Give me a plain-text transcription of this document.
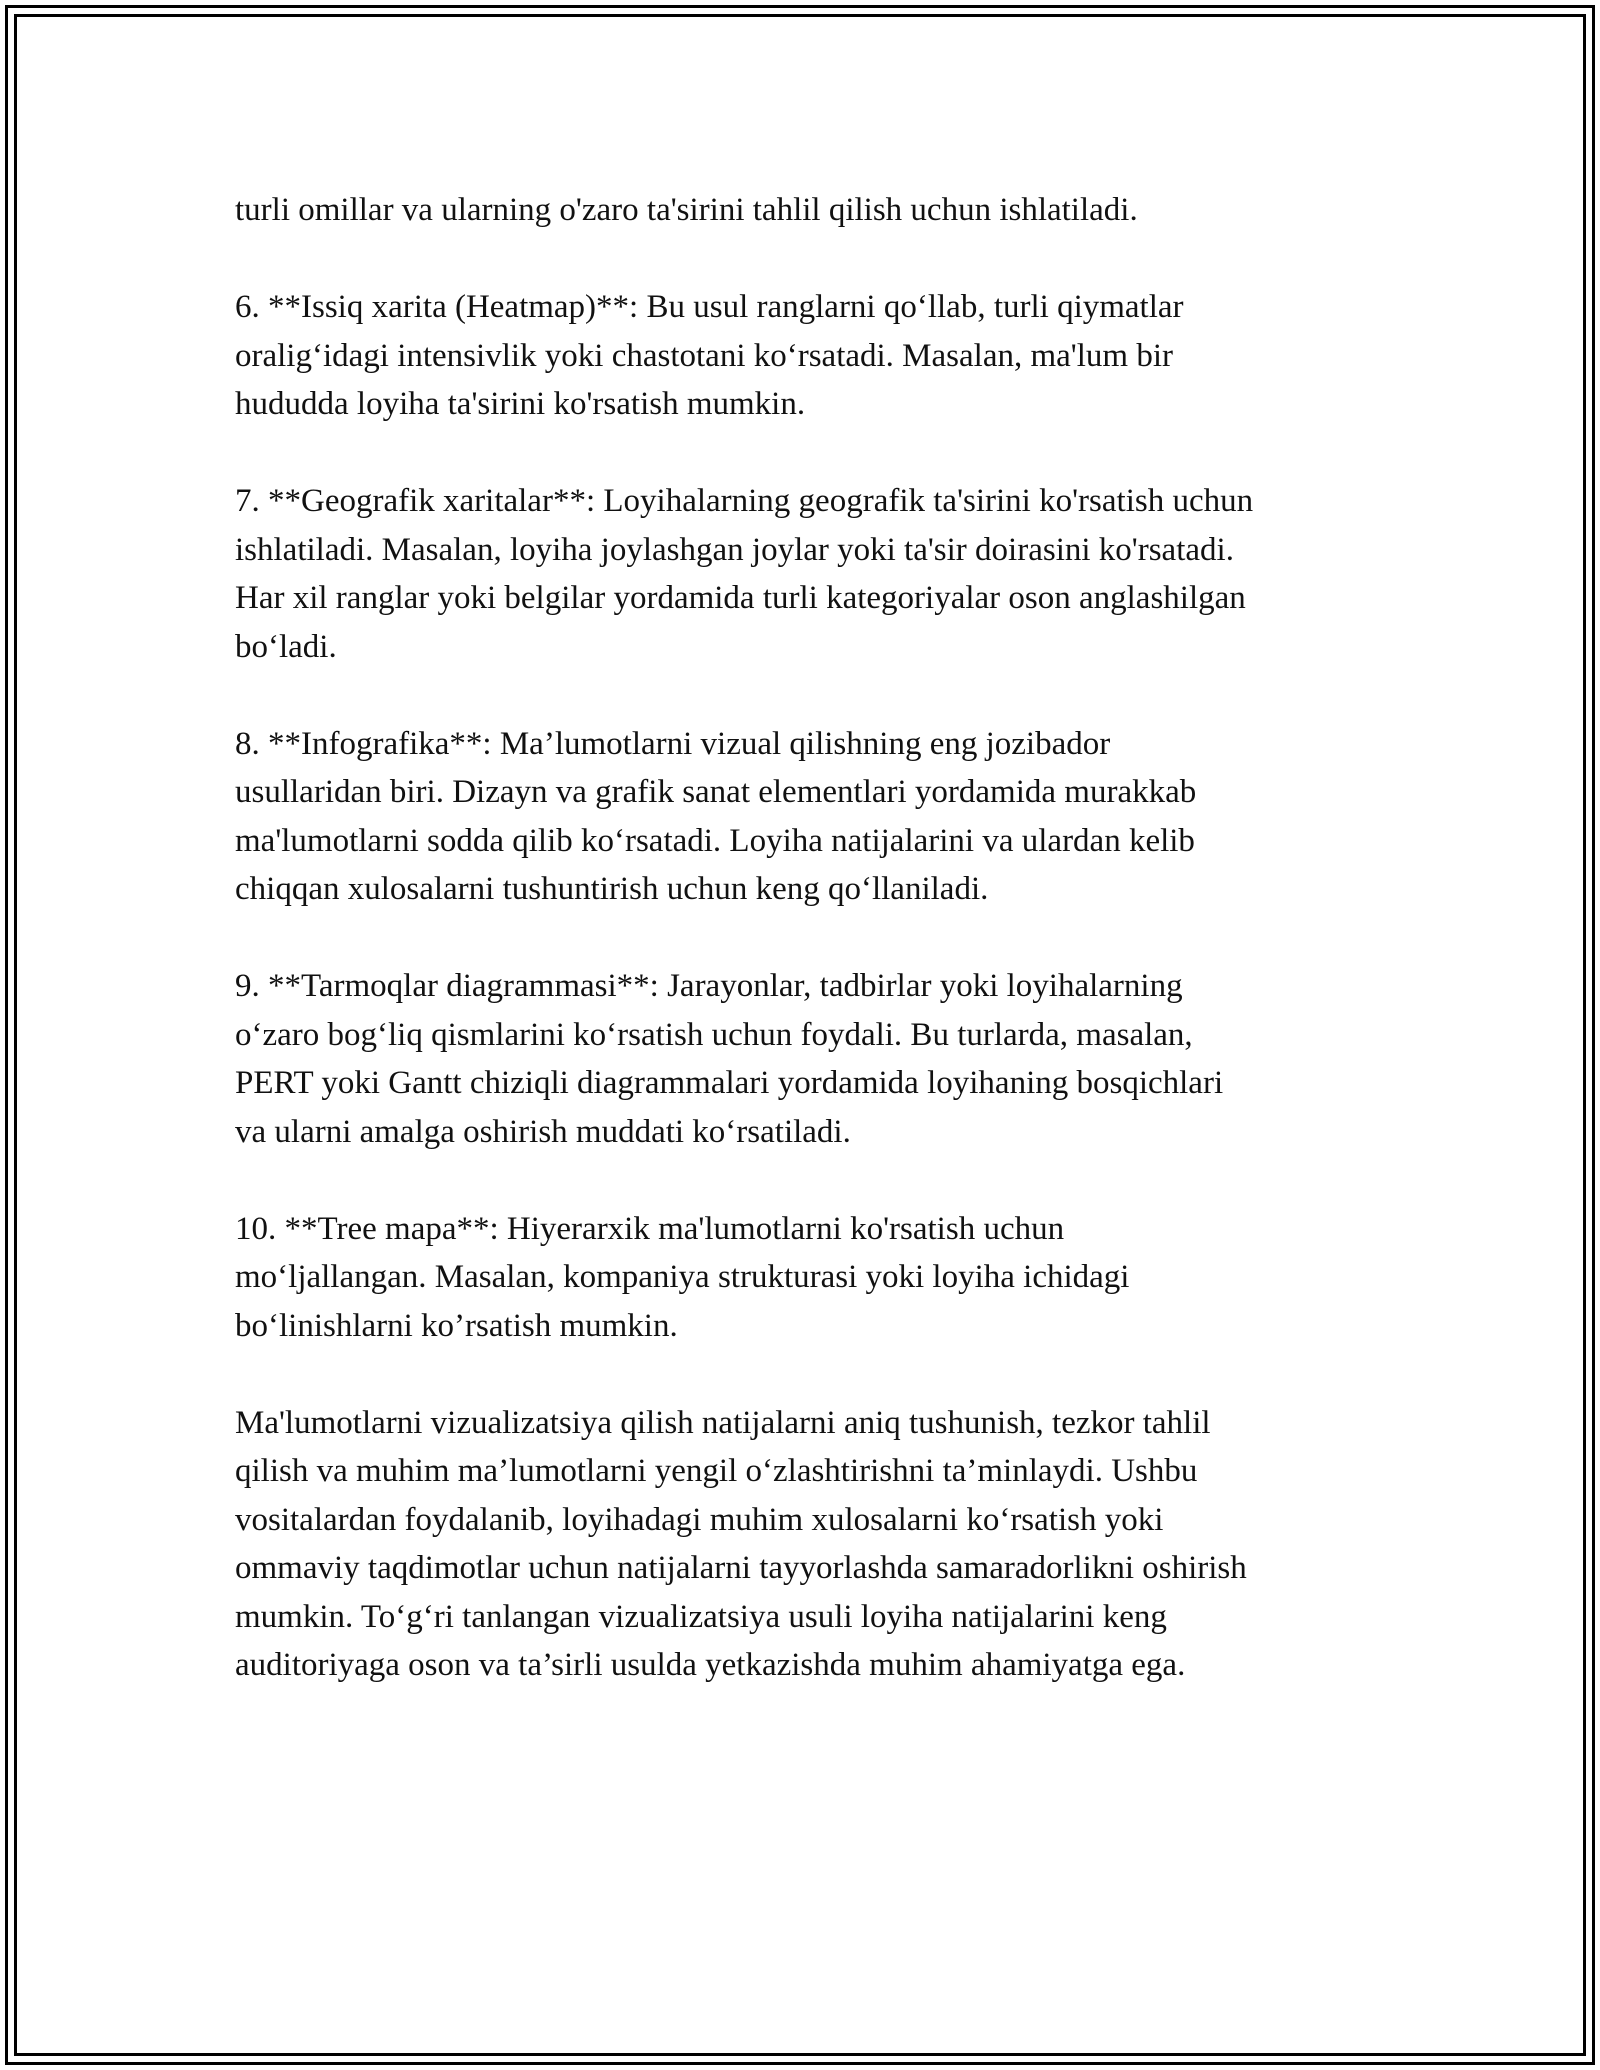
turli omillar va ularning o'zaro ta'sirini tahlil qilish uchun ishlatiladi.

6. **Issiq xarita (Heatmap)**: Bu usul ranglarni qo‘llab, turli qiymatlar
oralig‘idagi intensivlik yoki chastotani ko‘rsatadi. Masalan, ma'lum bir
hududda loyiha ta'sirini ko'rsatish mumkin.

7. **Geografik xaritalar**: Loyihalarning geografik ta'sirini ko'rsatish uchun
ishlatiladi. Masalan, loyiha joylashgan joylar yoki ta'sir doirasini ko'rsatadi.
Har xil ranglar yoki belgilar yordamida turli kategoriyalar oson anglashilgan
bo‘ladi.

8. **Infografika**: Ma’lumotlarni vizual qilishning eng jozibador
usullaridan biri. Dizayn va grafik sanat elementlari yordamida murakkab
ma'lumotlarni sodda qilib ko‘rsatadi. Loyiha natijalarini va ulardan kelib
chiqqan xulosalarni tushuntirish uchun keng qo‘llaniladi.

9. **Tarmoqlar diagrammasi**: Jarayonlar, tadbirlar yoki loyihalarning
o‘zaro bog‘liq qismlarini ko‘rsatish uchun foydali. Bu turlarda, masalan,
PERT yoki Gantt chiziqli diagrammalari yordamida loyihaning bosqichlari
va ularni amalga oshirish muddati ko‘rsatiladi.

10. **Tree mapa**: Hiyerarxik ma'lumotlarni ko'rsatish uchun
mo‘ljallangan. Masalan, kompaniya strukturasi yoki loyiha ichidagi
bo‘linishlarni ko’rsatish mumkin.

Ma'lumotlarni vizualizatsiya qilish natijalarni aniq tushunish, tezkor tahlil
qilish va muhim ma’lumotlarni yengil o‘zlashtirishni ta’minlaydi. Ushbu
vositalardan foydalanib, loyihadagi muhim xulosalarni ko‘rsatish yoki
ommaviy taqdimotlar uchun natijalarni tayyorlashda samaradorlikni oshirish
mumkin. To‘g‘ri tanlangan vizualizatsiya usuli loyiha natijalarini keng
auditoriyaga oson va ta’sirli usulda yetkazishda muhim ahamiyatga ega.
